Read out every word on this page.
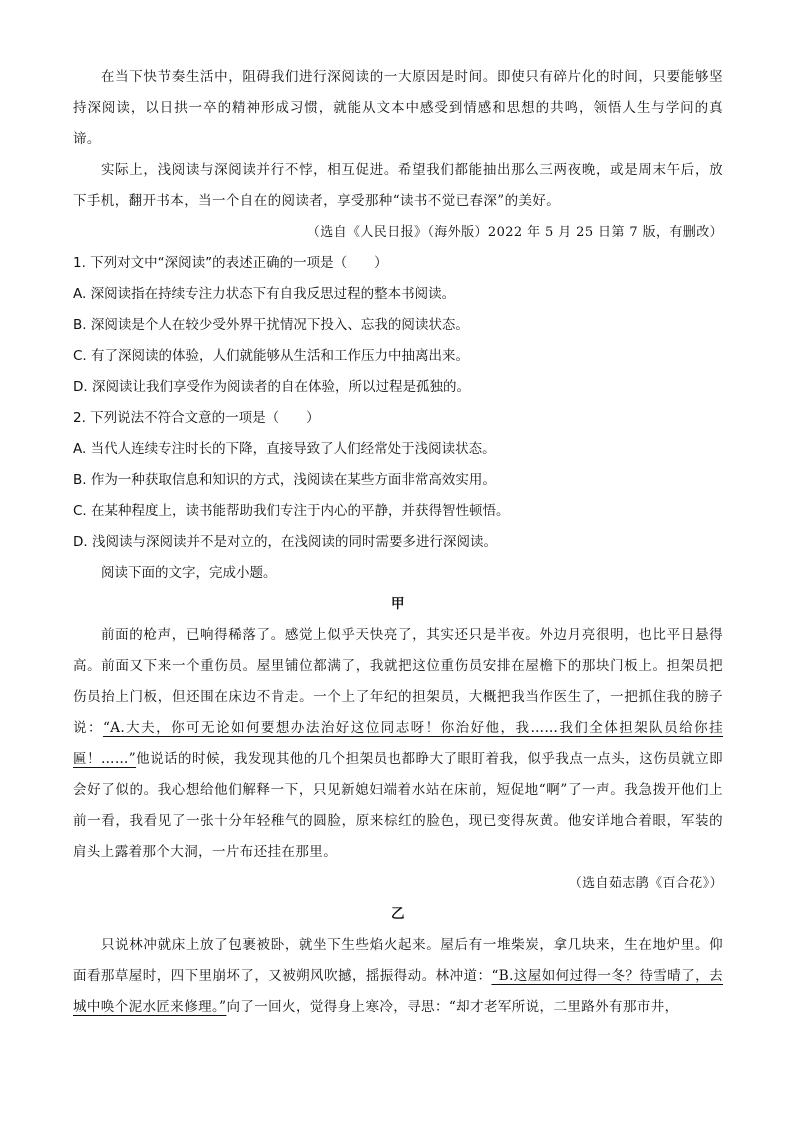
在当下快节奏生活中，阻碍我们进行深阅读的一大原因是时间。即使只有碎片化的时间，只要能够坚持深阅读，以日拱一卒的精神形成习惯，就能从文本中感受到情感和思想的共鸣，领悟人生与学问的真谛。

实际上，浅阅读与深阅读并行不悖，相互促进。希望我们都能抽出那么三两夜晚，或是周末午后，放下手机，翻开书本，当一个自在的阅读者，享受那种“读书不觉已春深”的美好。

（选自《人民日报》（海外版）2022 年 5 月 25 日第 7 版，有删改）

1. 下列对文中“深阅读”的表述正确的一项是（　　）

A. 深阅读指在持续专注力状态下有自我反思过程的整本书阅读。

B. 深阅读是个人在较少受外界干扰情况下投入、忘我的阅读状态。

C. 有了深阅读的体验，人们就能够从生活和工作压力中抽离出来。

D. 深阅读让我们享受作为阅读者的自在体验，所以过程是孤独的。

2. 下列说法不符合文意的一项是（　　）

A. 当代人连续专注时长的下降，直接导致了人们经常处于浅阅读状态。

B. 作为一种获取信息和知识的方式，浅阅读在某些方面非常高效实用。

C. 在某种程度上，读书能帮助我们专注于内心的平静，并获得智性顿悟。

D. 浅阅读与深阅读并不是对立的，在浅阅读的同时需要多进行深阅读。

阅读下面的文字，完成小题。

甲

前面的枪声，已响得稀落了。感觉上似乎天快亮了，其实还只是半夜。外边月亮很明，也比平日悬得高。前面又下来一个重伤员。屋里铺位都满了，我就把这位重伤员安排在屋檐下的那块门板上。担架员把伤员抬上门板，但还围在床边不肯走。一个上了年纪的担架员，大概把我当作医生了，一把抓住我的膀子说：“A.大夫，你可无论如何要想办法治好这位同志呀！你治好他，我……我们全体担架队员给你挂匾！……”他说话的时候，我发现其他的几个担架员也都睁大了眼盯着我，似乎我点一点头，这伤员就立即会好了似的。我心想给他们解释一下，只见新媳妇端着水站在床前，短促地“啊”了一声。我急拨开他们上前一看，我看见了一张十分年轻稚气的圆脸，原来棕红的脸色，现已变得灰黄。他安详地合着眼，军装的肩头上露着那个大洞，一片布还挂在那里。

（选自茹志鹃《百合花》）

乙

只说林冲就床上放了包裹被卧，就坐下生些焰火起来。屋后有一堆柴炭，拿几块来，生在地炉里。仰面看那草屋时，四下里崩坏了，又被朔风吹撼，摇振得动。林冲道：“B.这屋如何过得一冬？待雪晴了，去城中唤个泥水匠来修理。”向了一回火，觉得身上寒冷，寻思：“却才老军所说，二里路外有那市井，
